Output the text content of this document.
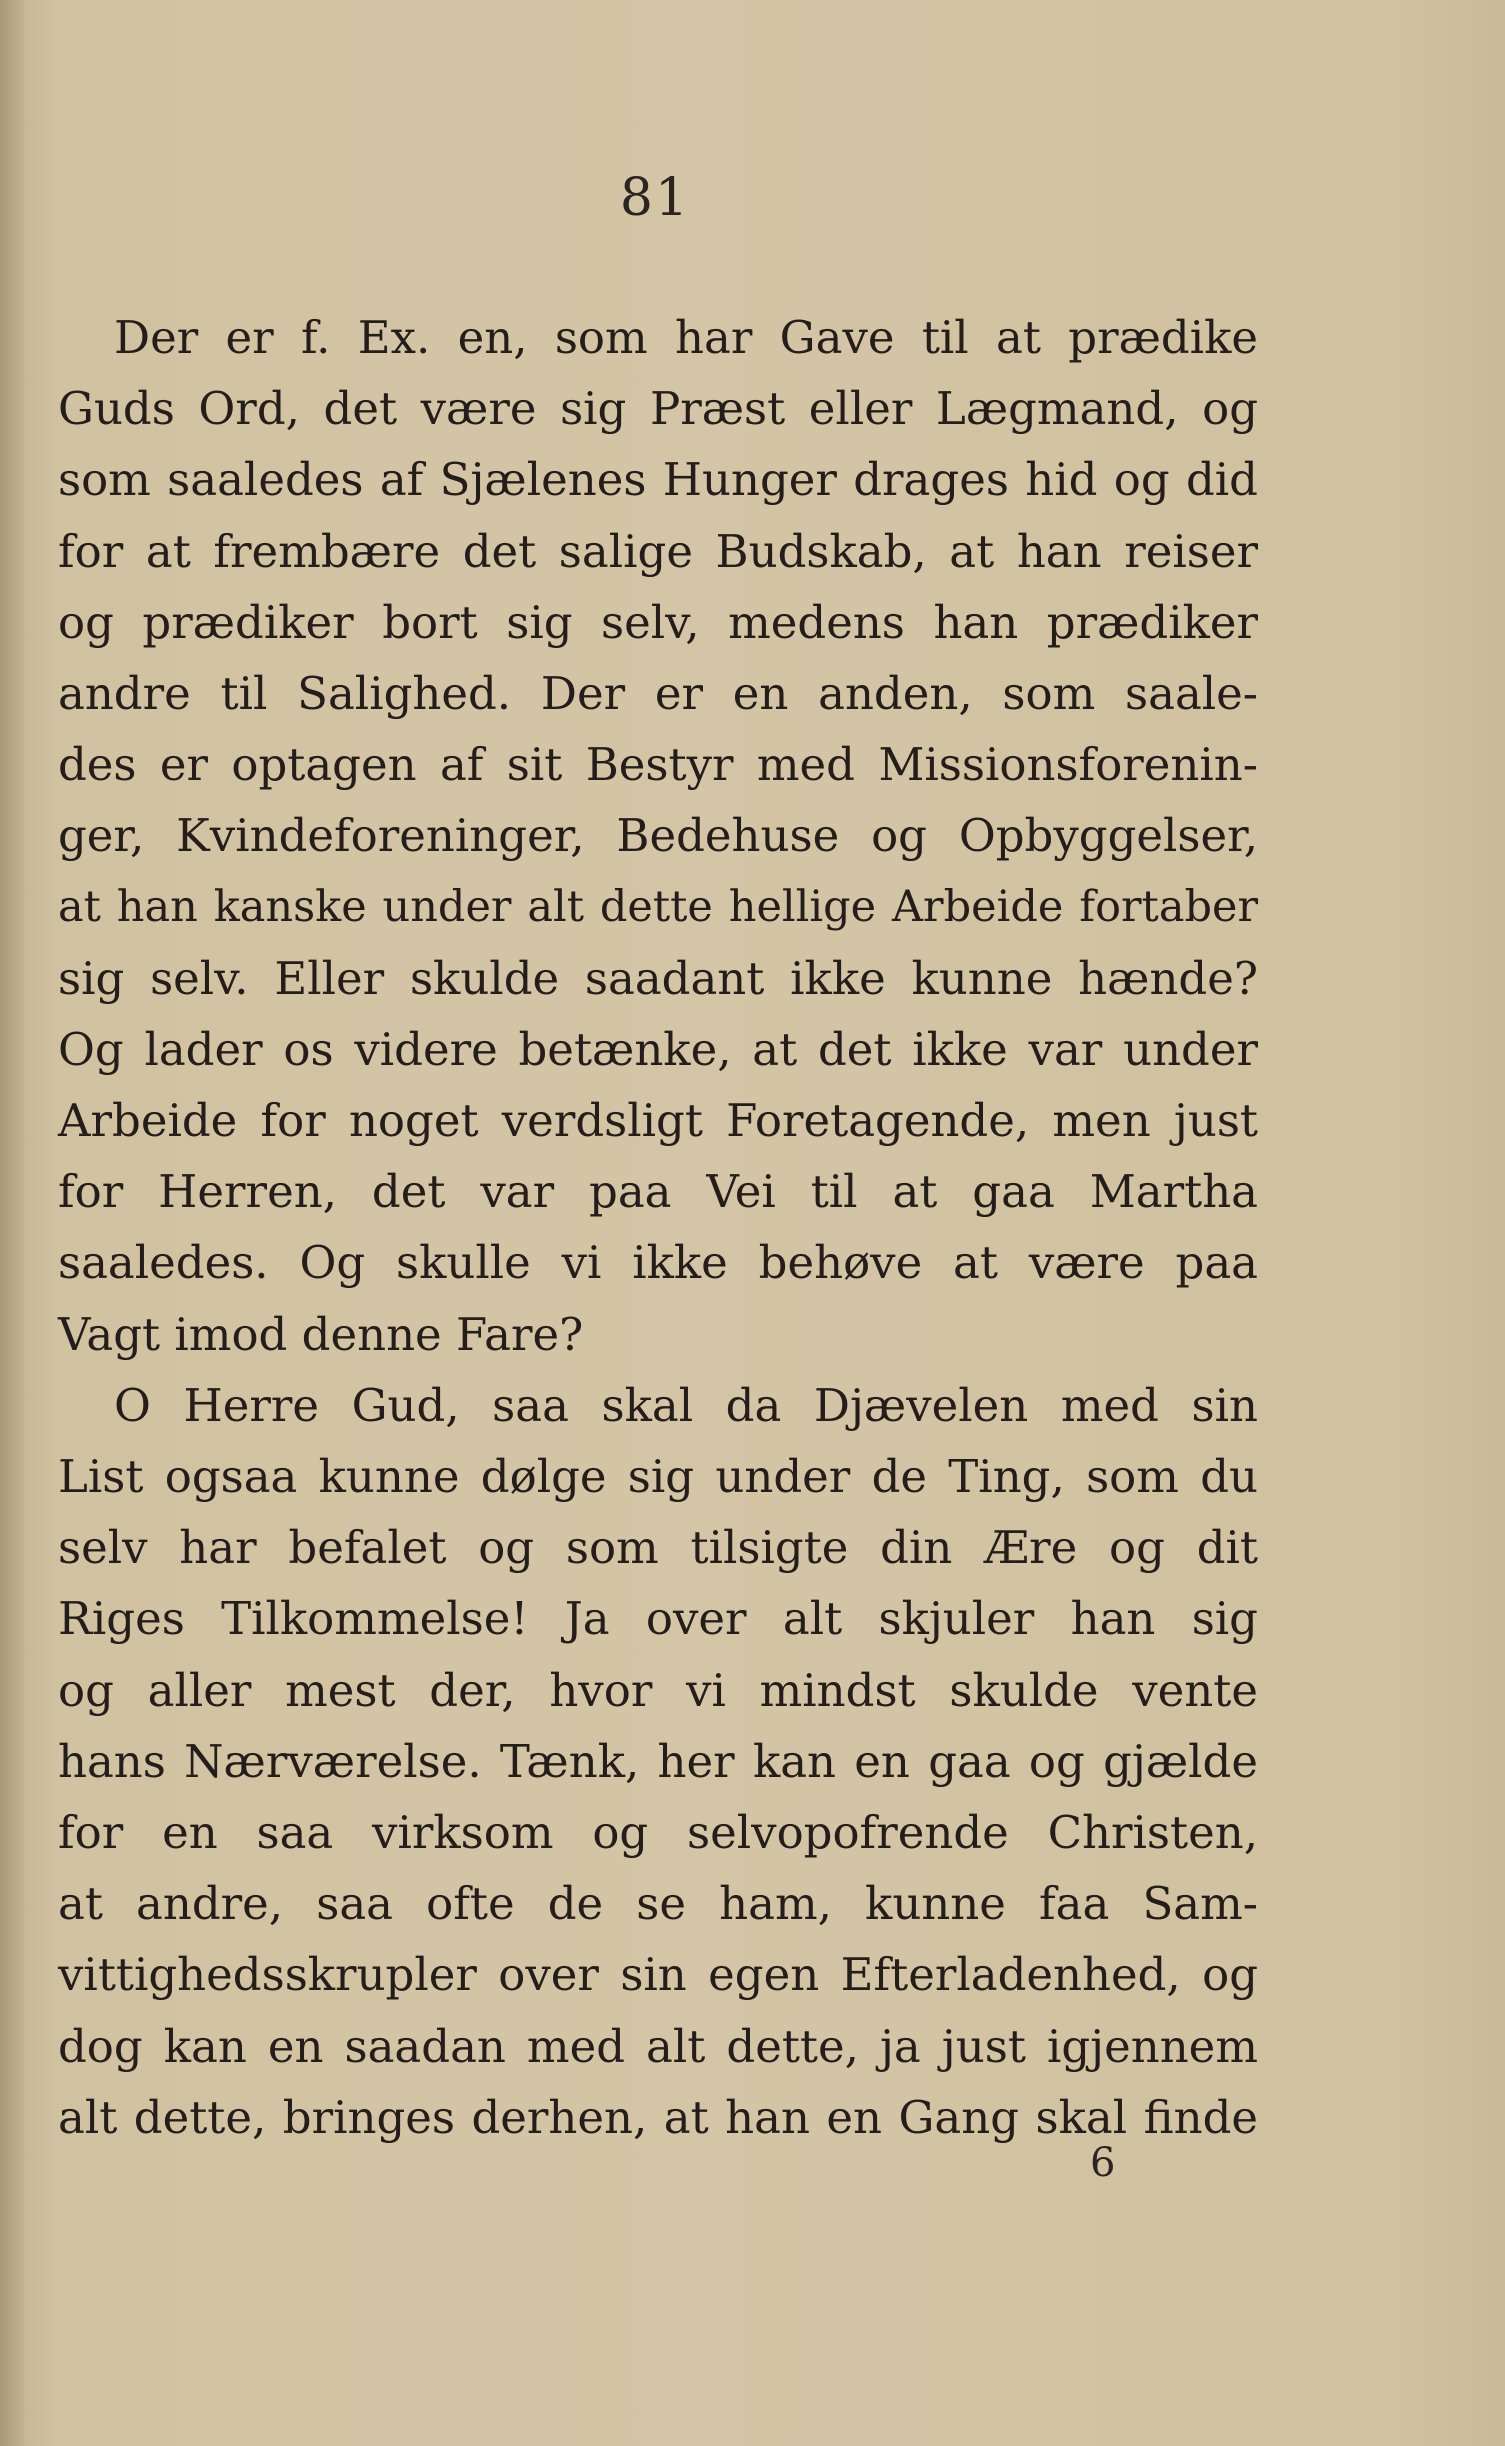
81
Der er f. Ex. en, som har Gave til at prædike
Guds Ord, det være sig Præst eller Lægmand, og
som saaledes af Sjælenes Hunger drages hid og did
for at frembære det salige Budskab, at han reiser
og prædiker bort sig selv, medens han prædiker
andre til Salighed. Der er en anden, som saale-
des er optagen af sit Bestyr med Missionsforenin-
ger, Kvindeforeninger, Bedehuse og Opbyggelser,
at han kanske under alt dette hellige Arbeide fortaber
sig selv. Eller skulde saadant ikke kunne hænde?
Og lader os videre betænke, at det ikke var under
Arbeide for noget verdsligt Foretagende, men just
for Herren, det var paa Vei til at gaa Martha
saaledes. Og skulle vi ikke behøve at være paa
Vagt imod denne Fare?
O Herre Gud, saa skal da Djævelen med sin
List ogsaa kunne dølge sig under de Ting, som du
selv har befalet og som tilsigte din Ære og dit
Riges Tilkommelse! Ja over alt skjuler han sig
og aller mest der, hvor vi mindst skulde vente
hans Nærværelse. Tænk, her kan en gaa og gjælde
for en saa virksom og selvopofrende Christen,
at andre, saa ofte de se ham, kunne faa Sam-
vittighedsskrupler over sin egen Efterladenhed, og
dog kan en saadan med alt dette, ja just igjennem
alt dette, bringes derhen, at han en Gang skal finde
6
